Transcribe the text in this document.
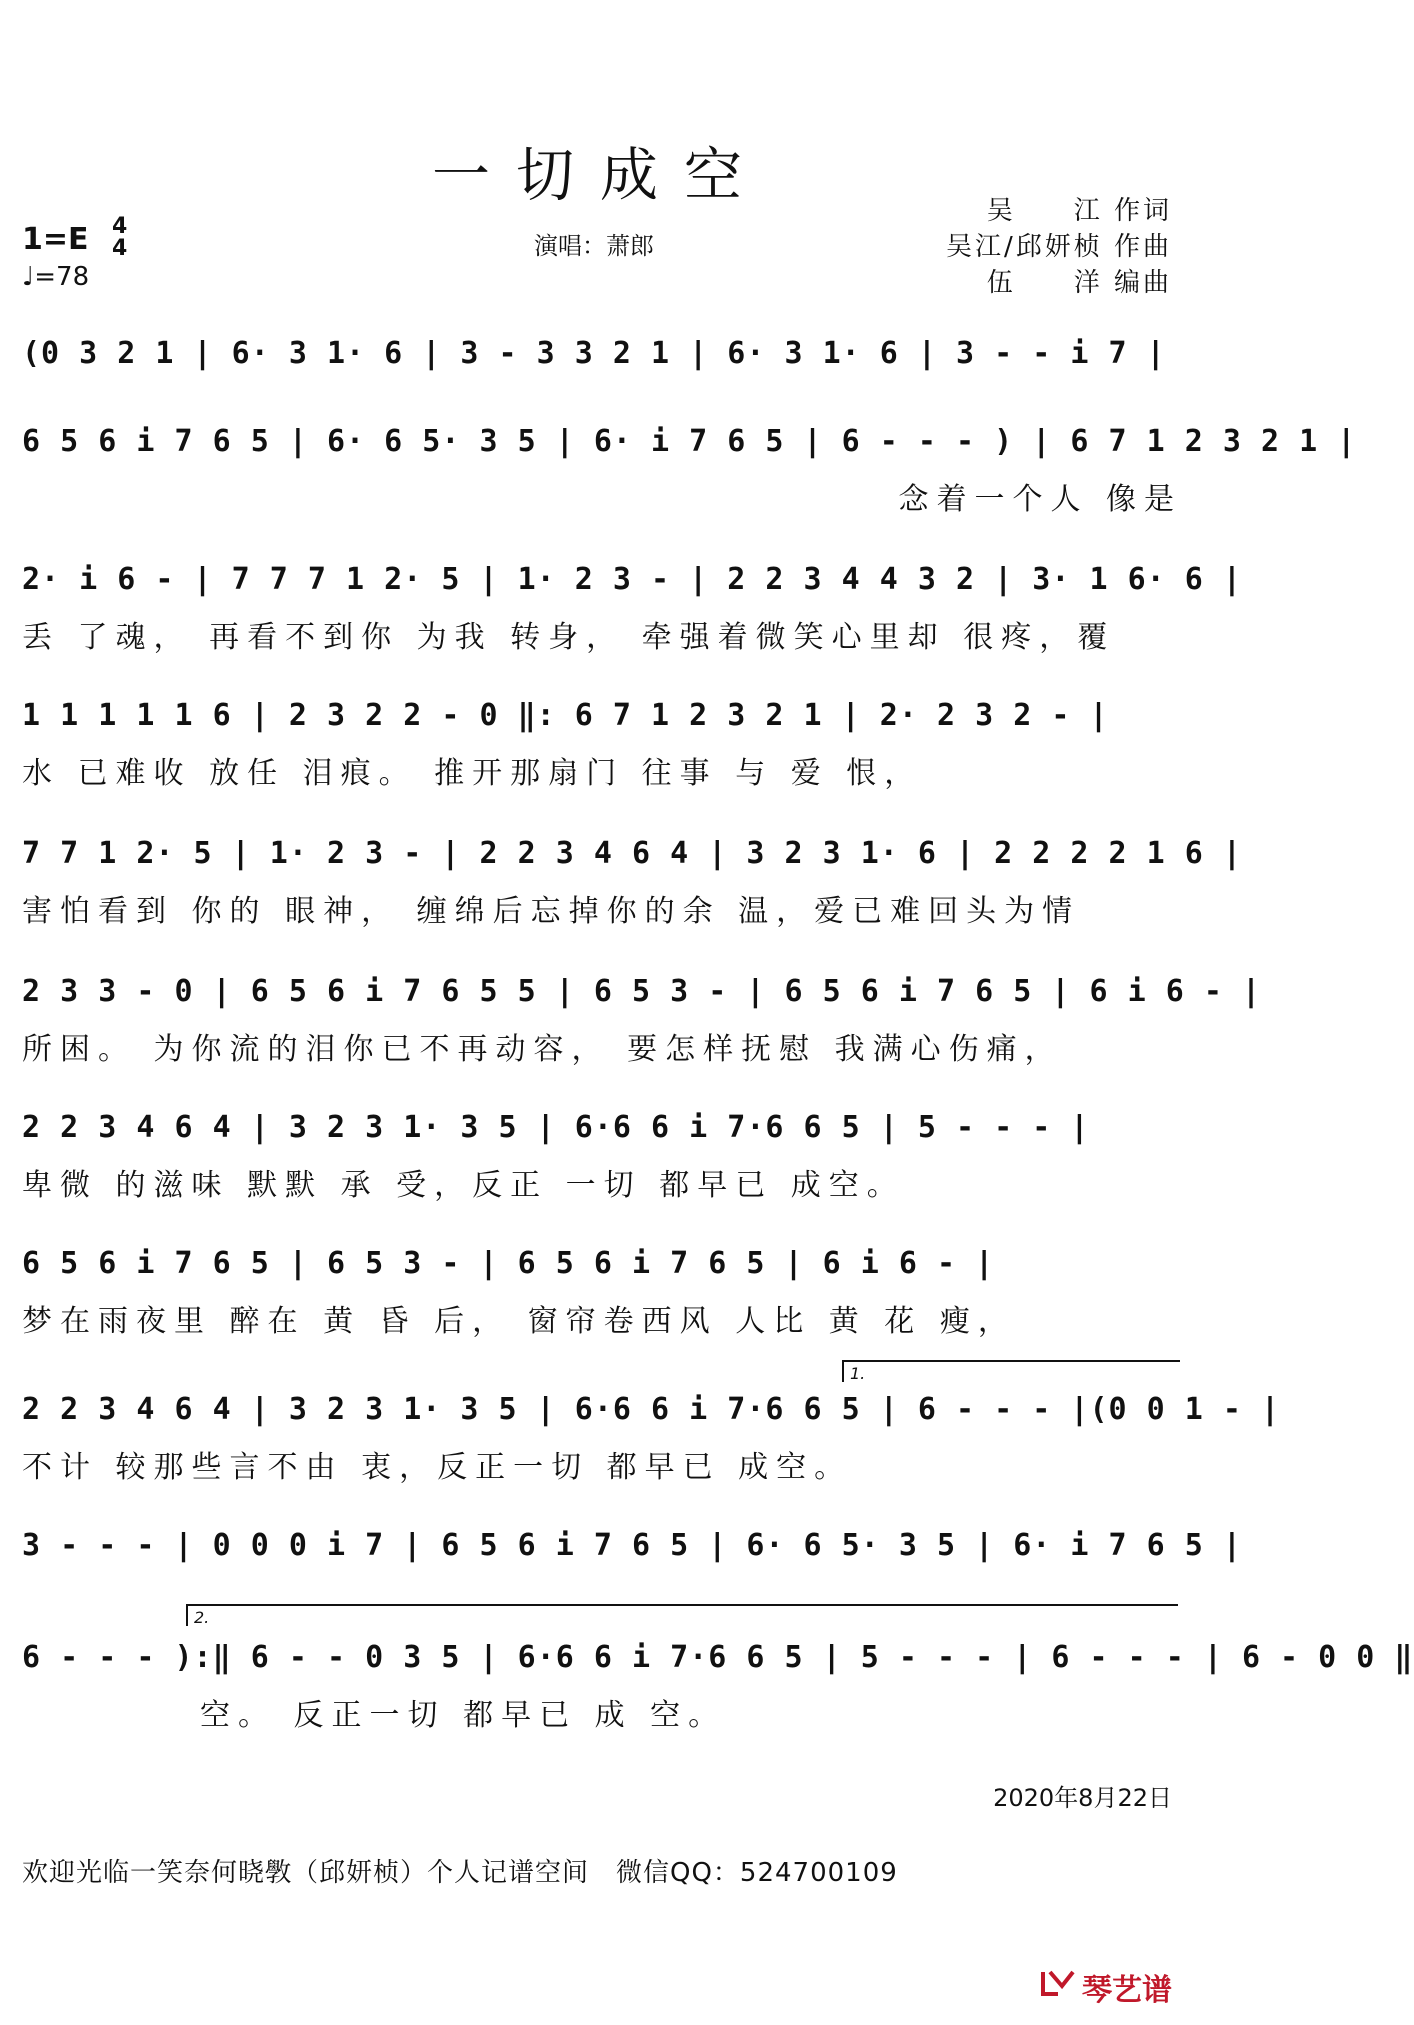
一切成空
1=E 4
4
♩=78
演唱：萧郎
吴　　江 作词
吴江/邱妍桢 作曲
伍　　洋 编曲
(0 3 2 1 | 6· 3 1· 6 | 3 - 3 3 2 1 | 6· 3 1· 6 | 3 - - i 7 |
6 5 6 i 7 6 5 | 6· 6 5· 3 5 | 6· i 7 6 5 | 6 - - - ) | 6 7 1 2 3 2 1 |
念着一个人 像是
2· i 6 - | 7 7 7 1 2· 5 | 1· 2 3 - | 2 2 3 4 4 3 2 | 3· 1 6· 6 |
丢 了魂， 再看不到你 为我 转身， 牵强着微笑心里却 很疼，覆
1 1 1 1 1 6 | 2 3 2 2 - 0 ‖: 6 7 1 2 3 2 1 | 2· 2 3 2 - |
水 已难收 放任 泪痕。 推开那扇门 往事 与 爱 恨，
7 7 1 2· 5 | 1· 2 3 - | 2 2 3 4 6 4 | 3 2 3 1· 6 | 2 2 2 2 1 6 |
害怕看到 你的 眼神， 缠绵后忘掉你的余 温，爱已难回头为情
2 3 3 - 0 | 6 5 6 i 7 6 5 5 | 6 5 3 - | 6 5 6 i 7 6 5 | 6 i 6 - |
所困。 为你流的泪你已不再动容， 要怎样抚慰 我满心伤痛，
2 2 3 4 6 4 | 3 2 3 1· 3 5 | 6·6 6 i 7·6 6 5 | 5 - - - |
卑微 的滋味 默默 承 受，反正 一切 都早已 成空。
6 5 6 i 7 6 5 | 6 5 3 - | 6 5 6 i 7 6 5 | 6 i 6 - |
梦在雨夜里 醉在 黄 昏 后， 窗帘卷西风 人比 黄 花 瘦，
1.
2 2 3 4 6 4 | 3 2 3 1· 3 5 | 6·6 6 i 7·6 6 5 | 6 - - - |(0 0 1 - |
不计 较那些言不由 衷，反正一切 都早已 成空。
3 - - - | 0 0 0 i 7 | 6 5 6 i 7 6 5 | 6· 6 5· 3 5 | 6· i 7 6 5 |
2.
6 - - - ):‖ 6 - - 0 3 5 | 6·6 6 i 7·6 6 5 | 5 - - - | 6 - - - | 6 - 0 0 ‖
空。 反正一切 都早已 成 空。
2020年8月22日
欢迎光临一笑奈何晓斆（邱妍桢）个人记谱空间　微信QQ：524700109
琴艺谱
